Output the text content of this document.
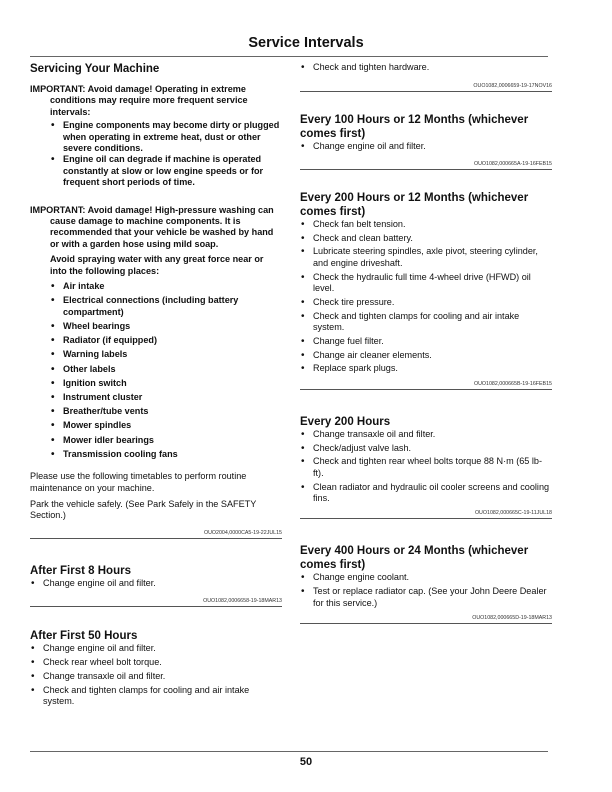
Service Intervals
Servicing Your Machine

IMPORTANT: Avoid damage! Operating in extreme conditions may require more frequent service intervals:

• Engine components may become dirty or plugged when operating in extreme heat, dust or other severe conditions.
• Engine oil can degrade if machine is operated constantly at slow or low engine speeds or for frequent short periods of time.

IMPORTANT: Avoid damage! High-pressure washing can cause damage to machine components. It is recommended that your vehicle be washed by hand or with a garden hose using mild soap.

Avoid spraying water with any great force near or into the following places:

• Air intake
• Electrical connections (including battery compartment)
• Wheel bearings
• Radiator (if equipped)
• Warning labels
• Other labels
• Ignition switch
• Instrument cluster
• Breather/tube vents
• Mower spindles
• Mower idler bearings
• Transmission cooling fans

Please use the following timetables to perform routine maintenance on your machine.

Park the vehicle safely. (See Park Safely in the SAFETY Section.)

OUO2004,0000CA5-19-22JUL15
After First 8 Hours
• Change engine oil and filter.
OUO1082,0006658-19-18MAR13
After First 50 Hours
• Change engine oil and filter.
• Check rear wheel bolt torque.
• Change transaxle oil and filter.
• Check and tighten clamps for cooling and air intake system.
• Check and tighten hardware.
OUO1082,0006659-19-17NOV16
Every 100 Hours or 12 Months (whichever comes first)
• Change engine oil and filter.
OUO1082,000665A-19-16FEB15
Every 200 Hours or 12 Months (whichever comes first)
• Check fan belt tension.
• Check and clean battery.
• Lubricate steering spindles, axle pivot, steering cylinder, and engine driveshaft.
• Check the hydraulic full time 4-wheel drive (HFWD) oil level.
• Check tire pressure.
• Check and tighten clamps for cooling and air intake system.
• Change fuel filter.
• Change air cleaner elements.
• Replace spark plugs.
OUO1082,000665B-19-16FEB15
Every 200 Hours
• Change transaxle oil and filter.
• Check/adjust valve lash.
• Check and tighten rear wheel bolts torque 88 N·m (65 lb-ft).
• Clean radiator and hydraulic oil cooler screens and cooling fins.
OUO1082,000665C-19-11JUL18
Every 400 Hours or 24 Months (whichever comes first)
• Change engine coolant.
• Test or replace radiator cap. (See your John Deere Dealer for this service.)
OUO1082,000665D-19-18MAR13
50
